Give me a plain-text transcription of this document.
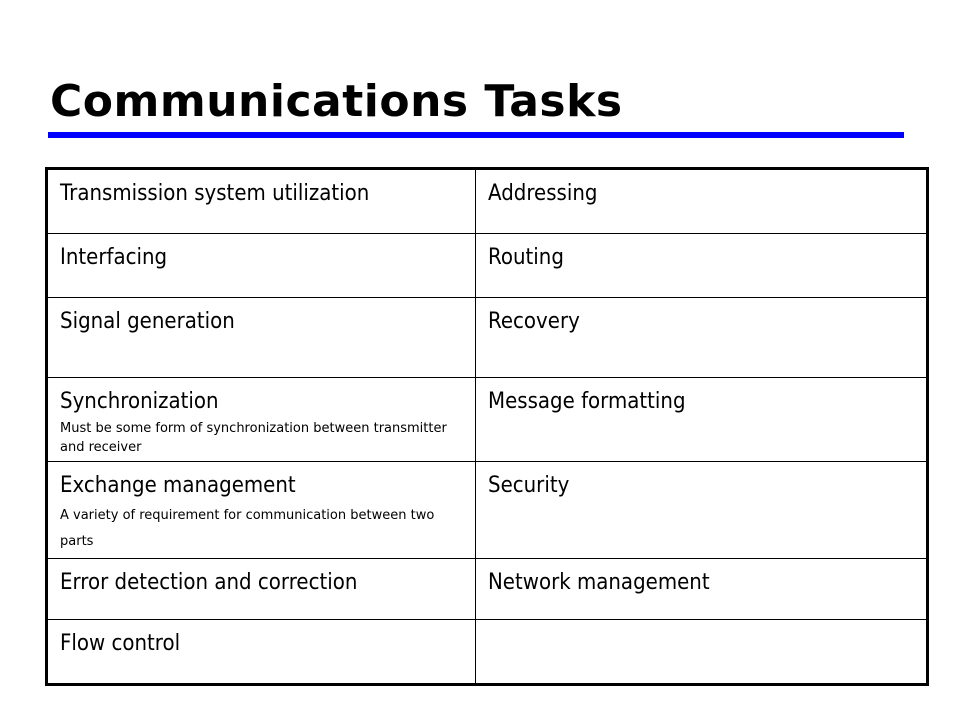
Communications Tasks
Transmission system utilization	Addressing

Interfacing	Routing

Signal generation	Recovery

Synchronization
Must be some form of synchronization between transmitter and receiver	Message formatting

Exchange management
A variety of requirement for communication between two parts	Security

Error detection and correction	Network management

Flow control	
